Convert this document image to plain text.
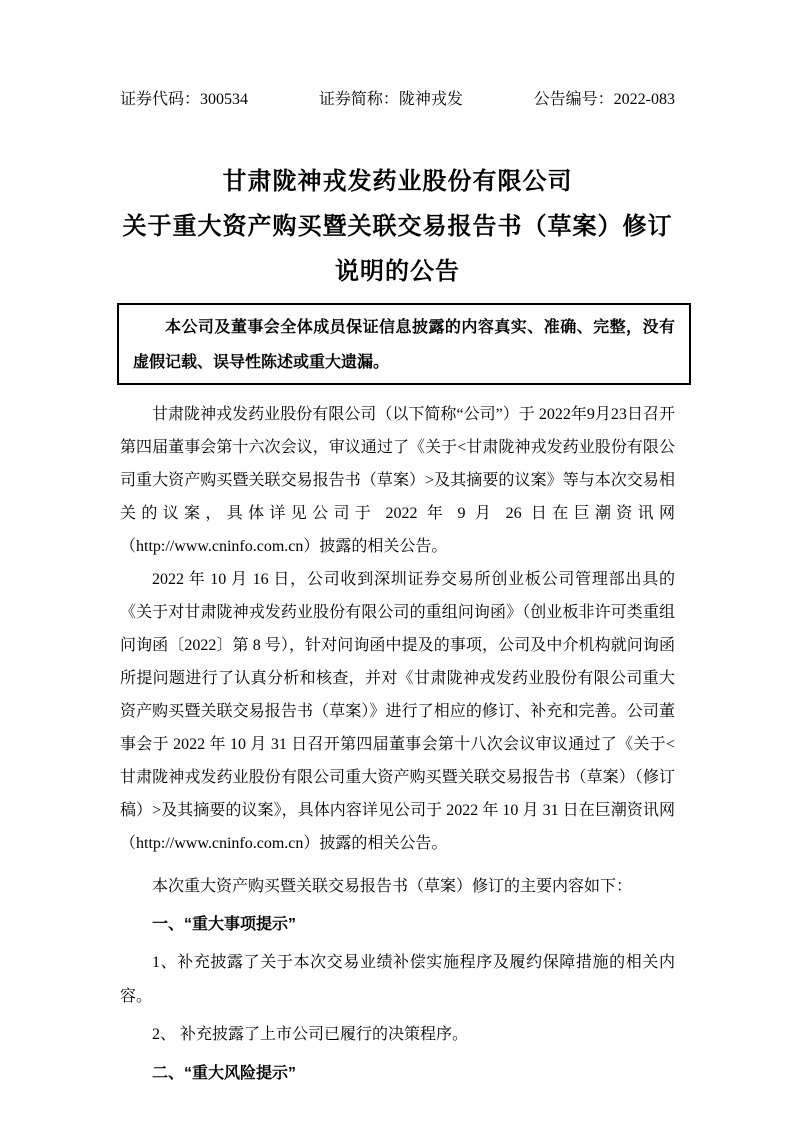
证券代码：300534	证券简称：陇神戎发	公告编号：2022-083
甘肃陇神戎发药业股份有限公司
关于重大资产购买暨关联交易报告书（草案）修订
说明的公告

本公司及董事会全体成员保证信息披露的内容真实、准确、完整，没有虚假记载、误导性陈述或重大遗漏。

甘肃陇神戎发药业股份有限公司（以下简称“公司”）于 2022年9月23日召开第四届董事会第十六次会议，审议通过了《关于<甘肃陇神戎发药业股份有限公司重大资产购买暨关联交易报告书（草案）>及其摘要的议案》等与本次交易相关的议案，具体详见公司于 2022 年 9 月 26 日在巨潮资讯网（http://www.cninfo.com.cn）披露的相关公告。

2022 年 10 月 16 日，公司收到深圳证券交易所创业板公司管理部出具的《关于对甘肃陇神戎发药业股份有限公司的重组问询函》（创业板非许可类重组问询函〔2022〕第 8 号），针对问询函中提及的事项，公司及中介机构就问询函所提问题进行了认真分析和核查，并对《甘肃陇神戎发药业股份有限公司重大资产购买暨关联交易报告书（草案）》进行了相应的修订、补充和完善。公司董事会于 2022 年 10 月 31 日召开第四届董事会第十八次会议审议通过了《关于<甘肃陇神戎发药业股份有限公司重大资产购买暨关联交易报告书（草案）（修订稿）>及其摘要的议案》，具体内容详见公司于 2022 年 10 月 31 日在巨潮资讯网（http://www.cninfo.com.cn）披露的相关公告。

本次重大资产购买暨关联交易报告书（草案）修订的主要内容如下：

一、“重大事项提示”

1、补充披露了关于本次交易业绩补偿实施程序及履约保障措施的相关内容。

2、 补充披露了上市公司已履行的决策程序。

二、“重大风险提示”
